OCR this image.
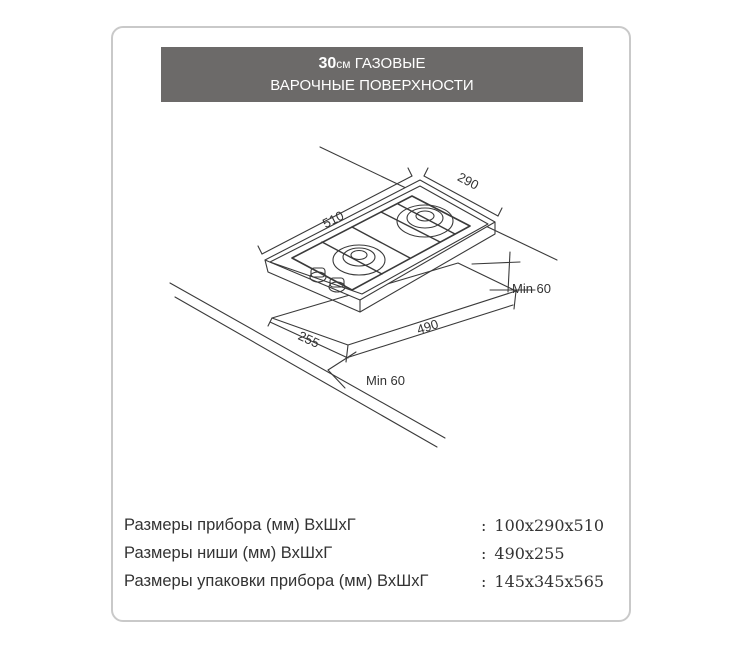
30см ГАЗОВЫЕ
ВАРОЧНЫЕ ПОВЕРХНОСТИ
510
290
Min 60
490
255
Min 60
Размеры прибора (мм) ВхШхГ	: 100x290x510
Размеры ниши (мм) ВхШхГ	: 490x255
Размеры упаковки прибора (мм) ВхШхГ	: 145x345x565
